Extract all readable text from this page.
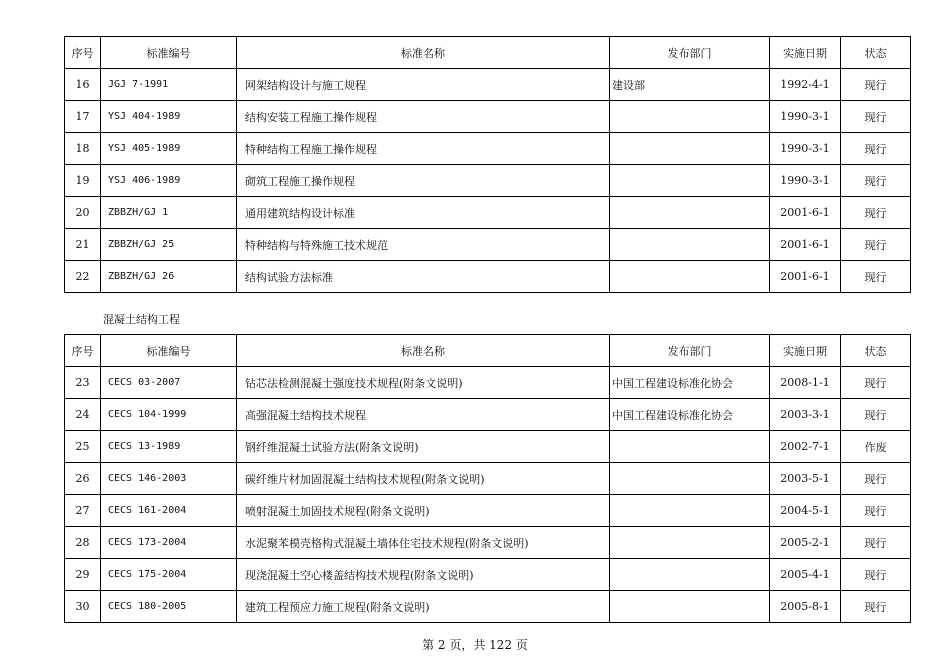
序号	标准编号	标准名称	发布部门	实施日期	状态
16	JGJ 7-1991	网架结构设计与施工规程	建设部	1992-4-1	现行
17	YSJ 404-1989	结构安装工程施工操作规程		1990-3-1	现行
18	YSJ 405-1989	特种结构工程施工操作规程		1990-3-1	现行
19	YSJ 406-1989	砌筑工程施工操作规程		1990-3-1	现行
20	ZBBZH/GJ 1	通用建筑结构设计标准		2001-6-1	现行
21	ZBBZH/GJ 25	特种结构与特殊施工技术规范		2001-6-1	现行
22	ZBBZH/GJ 26	结构试验方法标准		2001-6-1	现行
混凝土结构工程
序号	标准编号	标准名称	发布部门	实施日期	状态
23	CECS 03-2007	钻芯法检测混凝土强度技术规程(附条文说明)	中国工程建设标准化协会	2008-1-1	现行
24	CECS 104-1999	高强混凝土结构技术规程	中国工程建设标准化协会	2003-3-1	现行
25	CECS 13-1989	钢纤维混凝土试验方法(附条文说明)		2002-7-1	作废
26	CECS 146-2003	碳纤维片材加固混凝土结构技术规程(附条文说明)		2003-5-1	现行
27	CECS 161-2004	喷射混凝土加固技术规程(附条文说明)		2004-5-1	现行
28	CECS 173-2004	水泥聚苯模壳格构式混凝土墙体住宅技术规程(附条文说明)		2005-2-1	现行
29	CECS 175-2004	现浇混凝土空心楼盖结构技术规程(附条文说明)		2005-4-1	现行
30	CECS 180-2005	建筑工程预应力施工规程(附条文说明)		2005-8-1	现行
第 2 页，共 122 页
